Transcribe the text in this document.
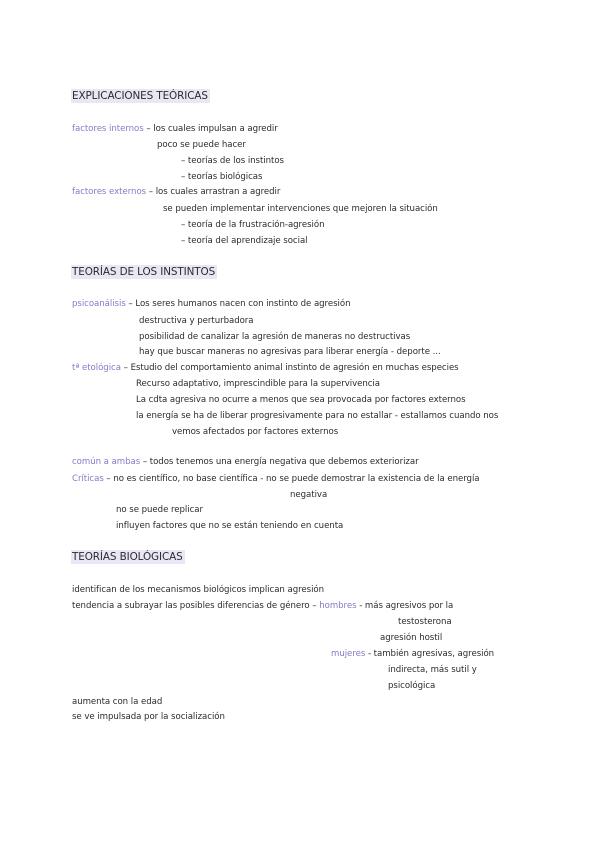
EXPLICACIONES TEÓRICAS
factores internos – los cuales impulsan a agredir
poco se puede hacer
– teorías de los instintos
– teorías biológicas
factores externos – los cuales arrastran a agredir
se pueden implementar intervenciones que mejoren la situación
– teoría de la frustración-agresión
– teoría del aprendizaje social
TEORÍAS DE LOS INSTINTOS
psicoanálisis – Los seres humanos nacen con instinto de agresión
destructiva y perturbadora
posibilidad de canalizar la agresión de maneras no destructivas
hay que buscar maneras no agresivas para liberar energía - deporte ...
tª etológica – Estudio del comportamiento animal instinto de agresión en muchas especies
Recurso adaptativo, imprescindible para la supervivencia
La cdta agresiva no ocurre a menos que sea provocada por factores externos
la energía se ha de liberar progresivamente para no estallar - estallamos cuando nos
vemos afectados por factores externos
común a ambas – todos tenemos una energía negativa que debemos exteriorizar
Críticas – no es científico, no base científica - no se puede demostrar la existencia de la energía
negativa
no se puede replicar
influyen factores que no se están teniendo en cuenta
TEORÍAS BIOLÓGICAS
identifican de los mecanismos biológicos implican agresión
tendencia a subrayar las posibles diferencias de género – hombres - más agresivos por la
testosterona
agresión hostil
mujeres - también agresivas, agresión
indirecta, más sutil y
psicológica
aumenta con la edad
se ve impulsada por la socialización
